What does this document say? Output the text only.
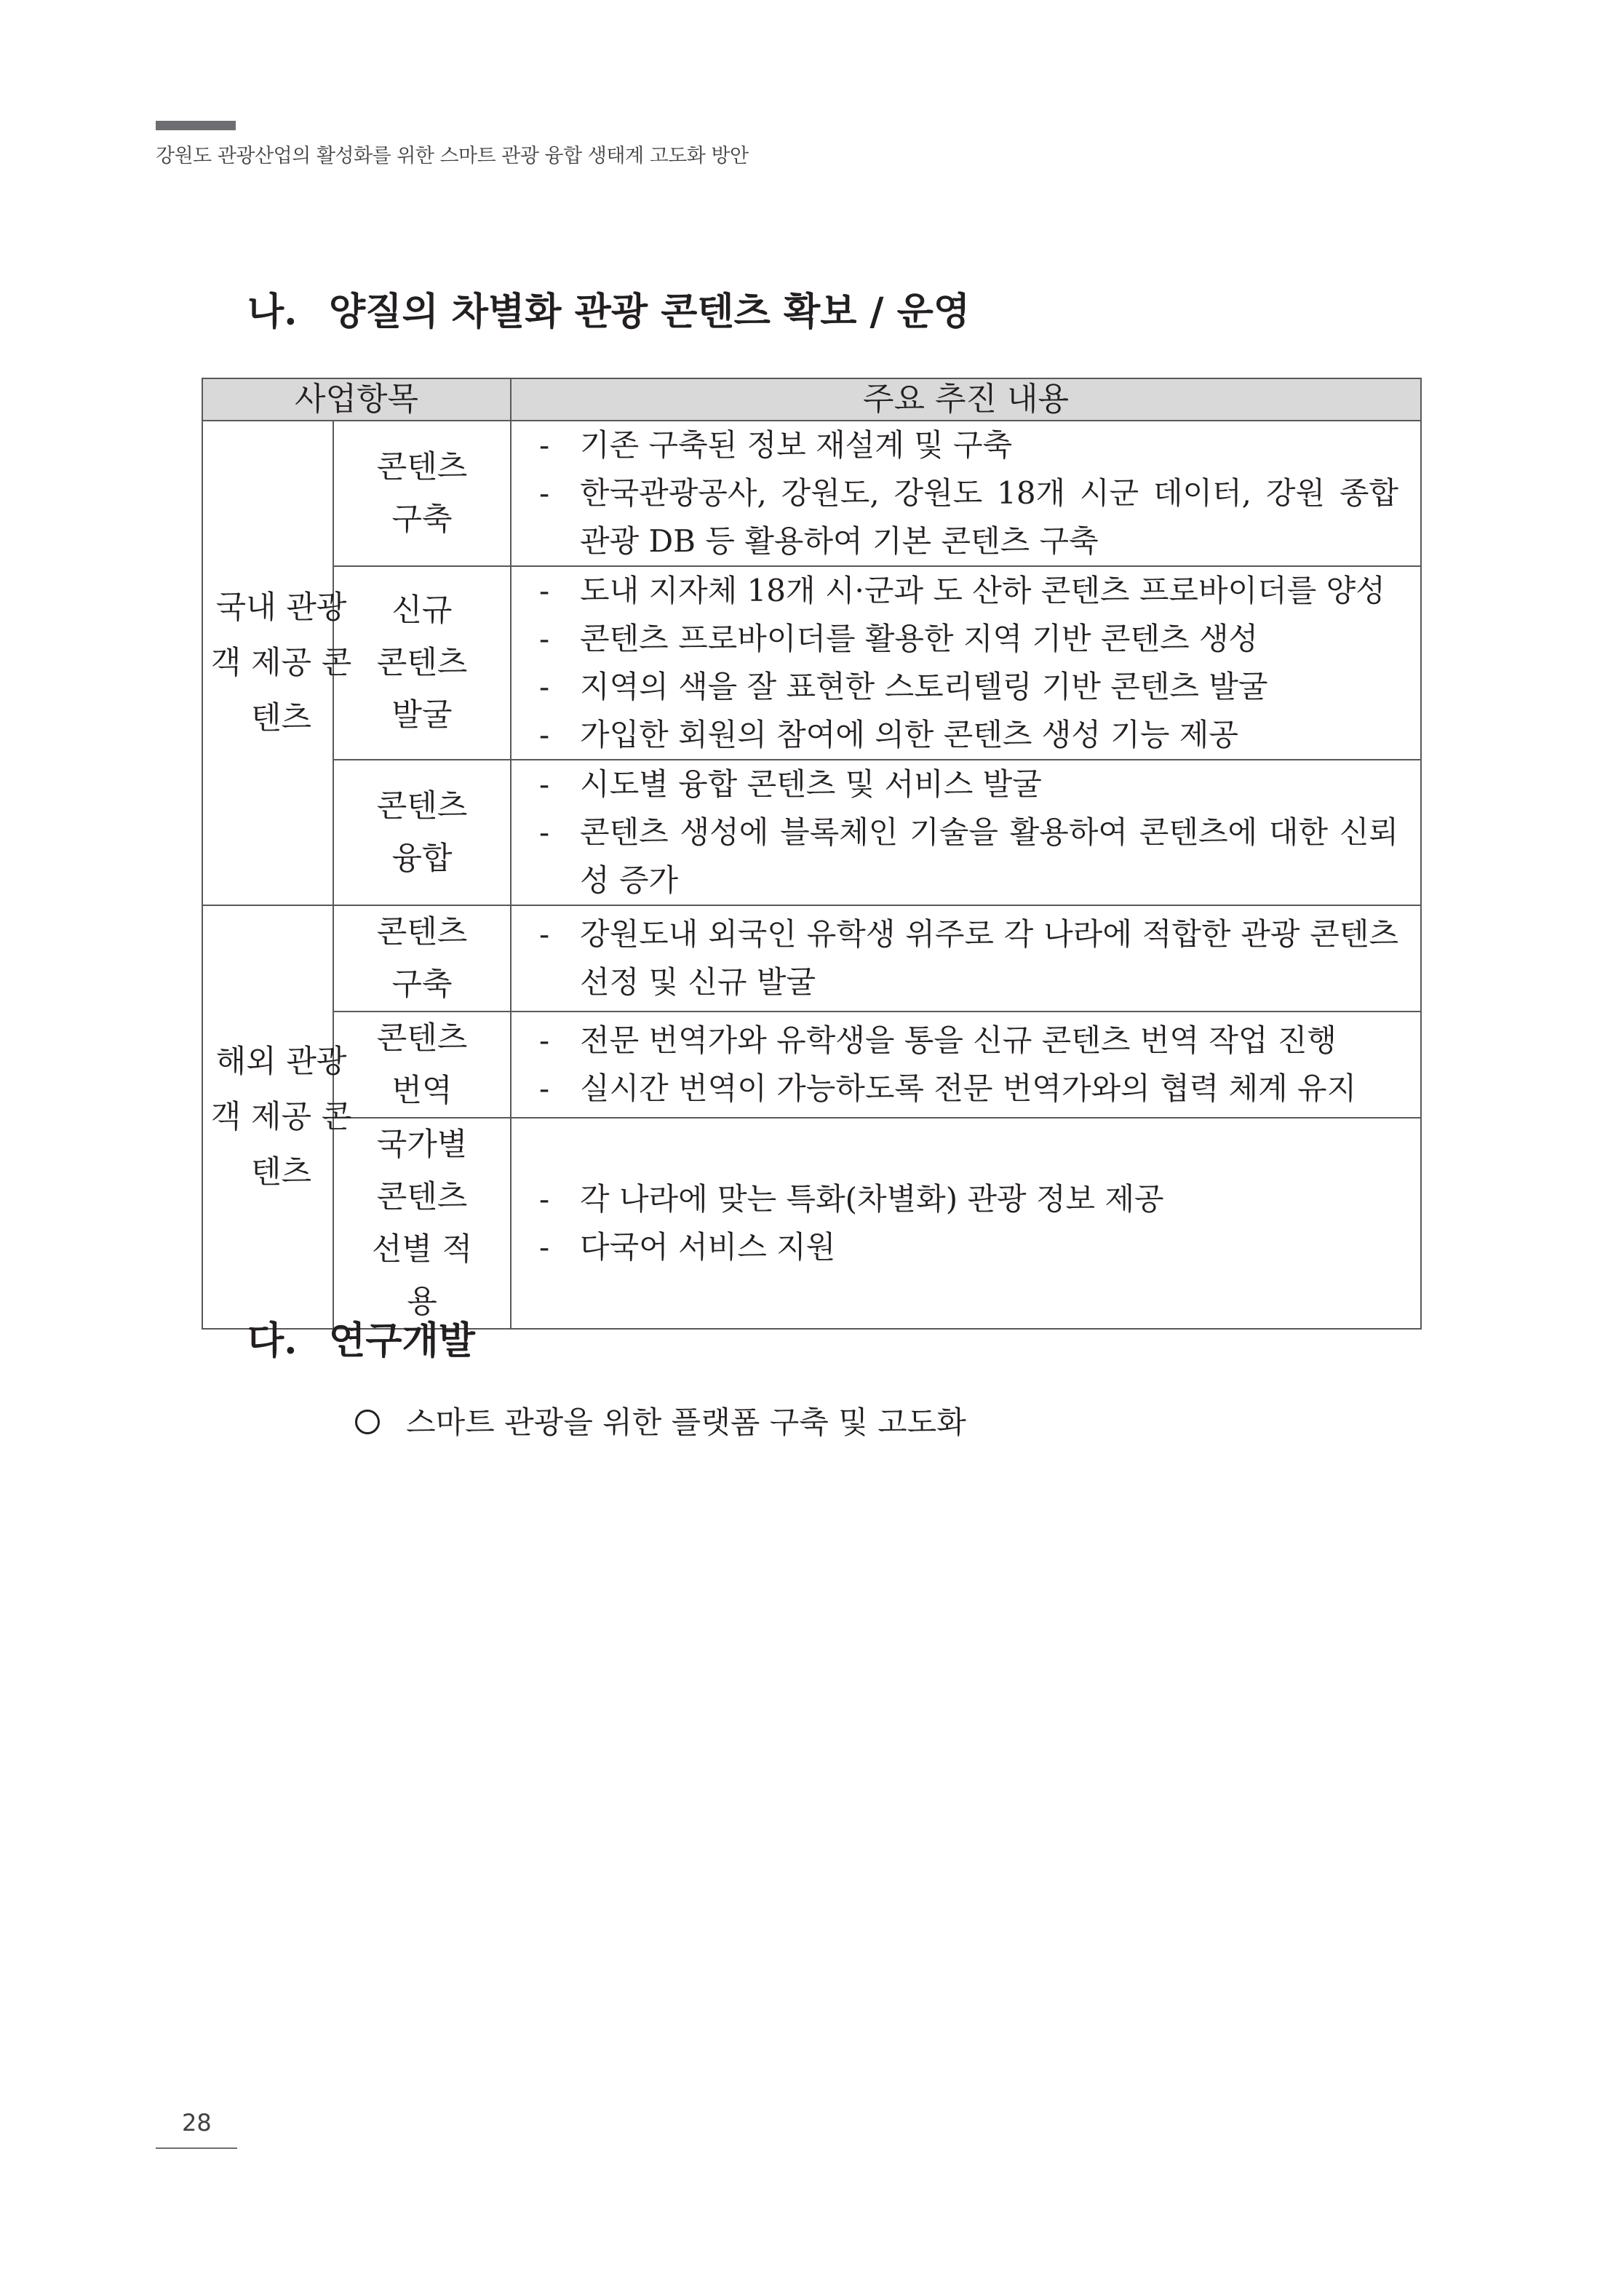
강원도 관광산업의 활성화를 위한 스마트 관광 융합 생태계 고도화 방안
나. 양질의 차별화 관광 콘텐츠 확보 / 운영
사업항목		주요 추진 내용

국내 관광객 제공 콘텐츠	콘텐츠 구축	- 기존 구축된 정보 재설계 및 구축
- 한국관광공사, 강원도, 강원도 18개 시군 데이터, 강원 종합 관광 DB 등 활용하여 기본 콘텐츠 구축

	신규 콘텐츠 발굴	- 도내 지자체 18개 시·군과 도 산하 콘텐츠 프로바이더를 양성
- 콘텐츠 프로바이더를 활용한 지역 기반 콘텐츠 생성
- 지역의 색을 잘 표현한 스토리텔링 기반 콘텐츠 발굴
- 가입한 회원의 참여에 의한 콘텐츠 생성 기능 제공

	콘텐츠 융합	- 시도별 융합 콘텐츠 및 서비스 발굴
- 콘텐츠 생성에 블록체인 기술을 활용하여 콘텐츠에 대한 신뢰성 증가

해외 관광객 제공 콘텐츠	콘텐츠 구축	- 강원도내 외국인 유학생 위주로 각 나라에 적합한 관광 콘텐츠 선정 및 신규 발굴

	콘텐츠 번역	- 전문 번역가와 유학생을 통을 신규 콘텐츠 번역 작업 진행
- 실시간 번역이 가능하도록 전문 번역가와의 협력 체계 유지

	국가별 콘텐츠 선별 적용	- 각 나라에 맞는 특화(차별화) 관광 정보 제공
- 다국어 서비스 지원
다. 연구개발
스마트 관광을 위한 플랫폼 구축 및 고도화
28
